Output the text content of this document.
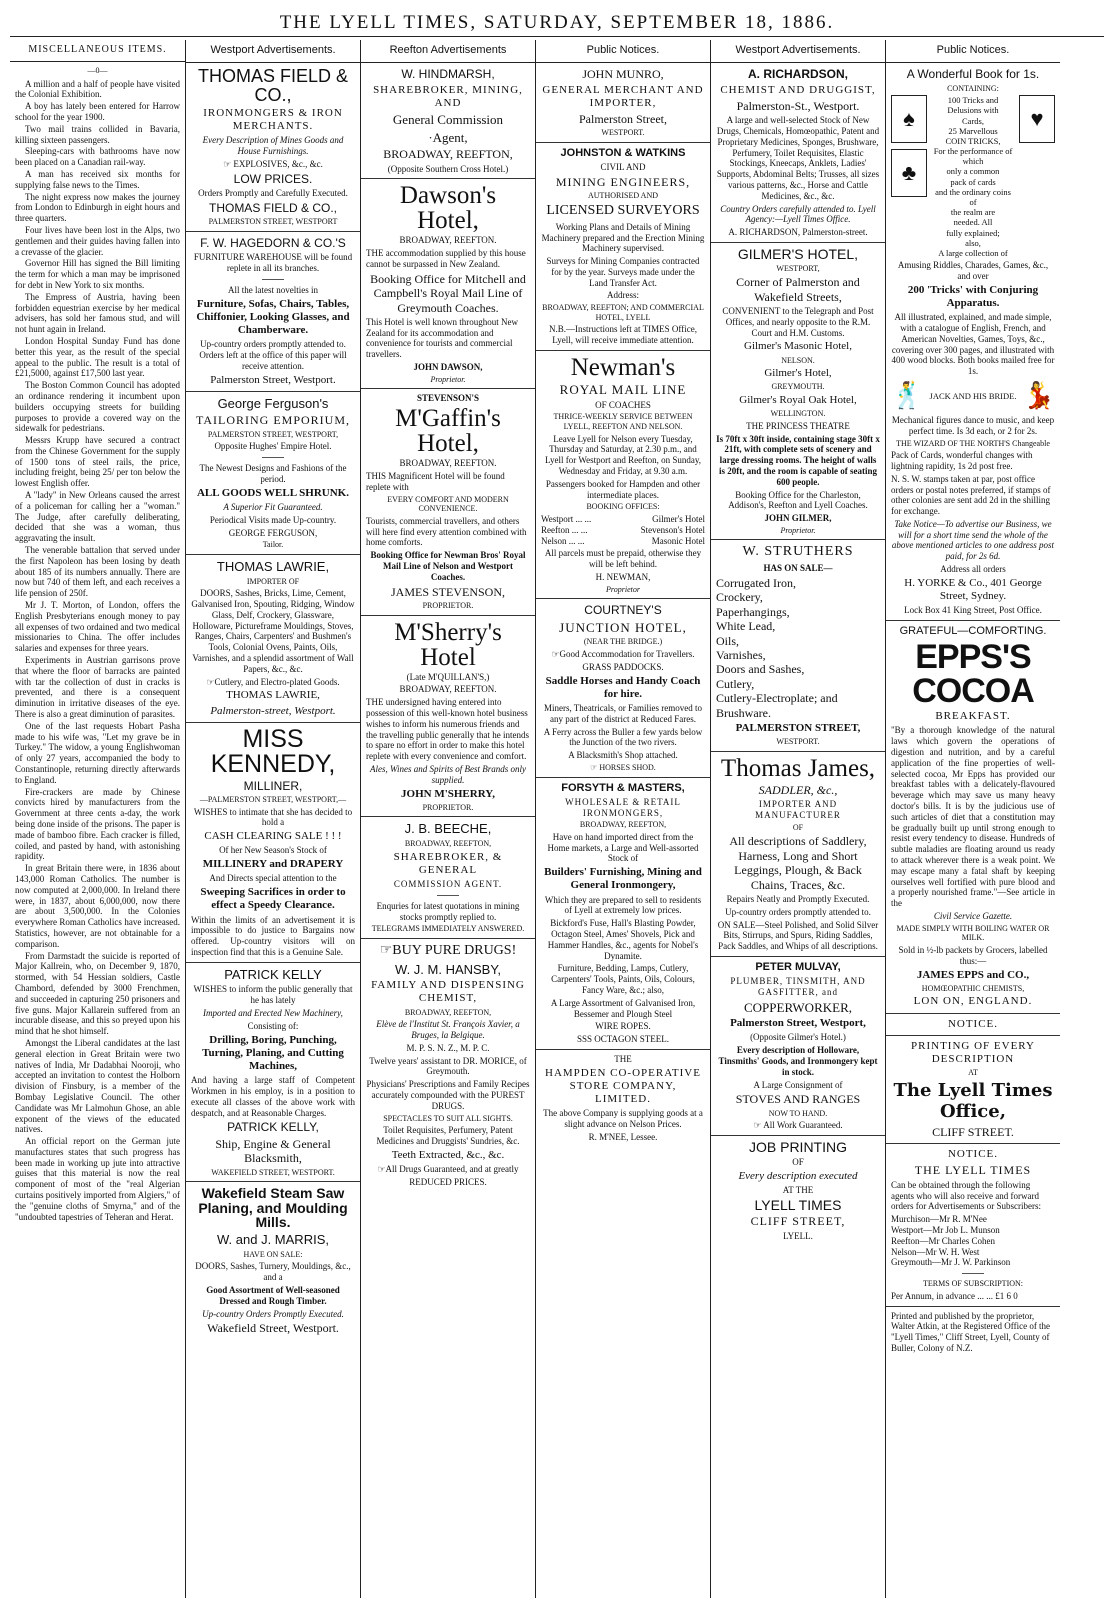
THE LYELL TIMES, SATURDAY, SEPTEMBER 18, 1886.
MISCELLANEOUS ITEMS.
—0—

A million and a half of people have visited the Colonial Exhibition.

A boy has lately been entered for Harrow school for the year 1900.

Two mail trains collided in Bavaria, killing sixteen passengers.

Sleeping-cars with bathrooms have now been placed on a Canadian rail-way.

A man has received six months for supplying false news to the Times.

The night express now makes the journey from London to Edinburgh in eight hours and three quarters.

Four lives have been lost in the Alps, two gentlemen and their guides having fallen into a crevasse of the glacier.

Governor Hill has signed the Bill limiting the term for which a man may be imprisoned for debt in New York to six months.

The Empress of Austria, having been forbidden equestrian exercise by her medical advisers, has sold her famous stud, and will not hunt again in Ireland.

London Hospital Sunday Fund has done better this year, as the result of the special appeal to the public. The result is a total of £21,5000, against £17,500 last year.

The Boston Common Council has adopted an ordinance rendering it incumbent upon builders occupying streets for building purposes to provide a covered way on the sidewalk for pedestrians.

Messrs Krupp have secured a contract from the Chinese Government for the supply of 1500 tons of steel rails, the price, including freight, being 25/ per ton below the lowest English offer.

A "lady" in New Orleans caused the arrest of a policeman for calling her a "woman." The Judge, after carefully deliberating, decided that she was a woman, thus aggravating the insult.

The venerable battalion that served under the first Napoleon has been losing by death about 185 of its numbers annually. There are now but 740 of them left, and each receives a life pension of 250f.

Mr J. T. Morton, of London, offers the English Presbyterians enough money to pay all expenses of two ordained and two medical missionaries to China. The offer includes salaries and expenses for three years.

Experiments in Austrian garrisons prove that where the floor of barracks are painted with tar the collection of dust in cracks is prevented, and there is a consequent diminution in irritative diseases of the eye. There is also a great diminution of parasites.

One of the last requests Hobart Pasha made to his wife was, "Let my grave be in Turkey." The widow, a young Englishwoman of only 27 years, accompanied the body to Constantinople, returning directly afterwards to England.

Fire-crackers are made by Chinese convicts hired by manufacturers from the Government at three cents a-day, the work being done inside of the prisons. The paper is made of bamboo fibre. Each cracker is filled, coiled, and pasted by hand, with astonishing rapidity.

In great Britain there were, in 1836 about 143,000 Roman Catholics. The number is now computed at 2,000,000. In Ireland there were, in 1837, about 6,000,000, now there are about 3,500,000. In the Colonies everywhere Roman Catholics have increased. Statistics, however, are not obtainable for a comparison.

From Darmstadt the suicide is reported of Major Kallrein, who, on December 9, 1870, stormed, with 54 Hessian soldiers, Castle Chambord, defended by 3000 Frenchmen, and succeeded in capturing 250 prisoners and five guns. Major Kallarein suffered from an incurable disease, and this so preyed upon his mind that he shot himself.

Amongst the Liberal candidates at the last general election in Great Britain were two natives of India, Mr Dadabhai Nooroji, who accepted an invitation to contest the Holborn division of Finsbury, is a member of the Bombay Legislative Council. The other Candidate was Mr Lalmohun Ghose, an able exponent of the views of the educated natives.

An official report on the German jute manufactures states that such progress has been made in working up jute into attractive guises that this material is now the real component of most of the "real Algerian curtains positively imported from Algiers," of the "genuine cloths of Smyrna," and of the "undoubted tapestries of Teheran and Herat.

Westport Advertisements.

THOMAS FIELD & CO.,

IRONMONGERS & IRON MERCHANTS.

Every Description of Mines Goods and House Furnishings.

☞ EXPLOSIVES, &c., &c.

LOW PRICES.

Orders Promptly and Carefully Executed.

THOMAS FIELD & CO.,

PALMERSTON STREET, WESTPORT

F. W. HAGEDORN & CO.'S

FURNITURE WAREHOUSE will be found replete in all its branches.

All the latest novelties in

Furniture, Sofas, Chairs, Tables, Chiffonier, Looking Glasses, and Chamberware.

Up-country orders promptly attended to. Orders left at the office of this paper will receive attention.

Palmerston Street, Westport.

George Ferguson's

TAILORING EMPORIUM,

PALMERSTON STREET, WESTPORT,

Opposite Hughes' Empire Hotel.

The Newest Designs and Fashions of the period.

ALL GOODS WELL SHRUNK.

A Superior Fit Guaranteed.

Periodical Visits made Up-country.

GEORGE FERGUSON,

Tailor.

THOMAS LAWRIE,

IMPORTER OF

DOORS, Sashes, Bricks, Lime, Cement, Galvanised Iron, Spouting, Ridging, Window Glass, Delf, Crockery, Glassware, Holloware, Pictureframe Mouldings, Stoves, Ranges, Chairs, Carpenters' and Bushmen's Tools, Colonial Ovens, Paints, Oils, Varnishes, and a splendid assortment of Wall Papers, &c., &c.

☞Cutlery, and Electro-plated Goods.

THOMAS LAWRIE,

Palmerston-street, Westport.

MISS KENNEDY,

MILLINER,

—PALMERSTON STREET, WESTPORT,—

WISHES to intimate that she has decided to hold a

CASH CLEARING SALE ! ! !

Of her New Season's Stock of

MILLINERY and DRAPERY

And Directs special attention to the

Sweeping Sacrifices in order to effect a Speedy Clearance.

Within the limits of an advertisement it is impossible to do justice to Bargains now offered. Up-country visitors will on inspection find that this is a Genuine Sale.

PATRICK KELLY

WISHES to inform the public generally that he has lately

Imported and Erected New Machinery,

Consisting of:

Drilling, Boring, Punching, Turning, Planing, and Cutting Machines,

And having a large staff of Competent Workmen in his employ, is in a position to execute all classes of the above work with despatch, and at Reasonable Charges.

PATRICK KELLY,

Ship, Engine & General Blacksmith,

WAKEFIELD STREET, WESTPORT.

Wakefield Steam Saw Planing, and Moulding Mills.

W. and J. MARRIS,

HAVE ON SALE:

DOORS, Sashes, Turnery, Mouldings, &c., and a

Good Assortment of Well-seasoned Dressed and Rough Timber.

Up-country Orders Promptly Executed.

Wakefield Street, Westport.

Reefton Advertisements

W. HINDMARSH,

SHAREBROKER, MINING, AND

General Commission

·Agent,

BROADWAY, REEFTON,

(Opposite Southern Cross Hotel.)

Dawson's Hotel,

BROADWAY, REEFTON.

THE accommodation supplied by this house cannot be surpassed in New Zealand.

Booking Office for Mitchell and Campbell's Royal Mail Line of Greymouth Coaches.

This Hotel is well known throughout New Zealand for its accommodation and convenience for tourists and commercial travellers.

JOHN DAWSON,

Proprietor.

STEVENSON'S

M'Gaffin's Hotel,

BROADWAY, REEFTON.

THIS Magnificent Hotel will be found replete with

EVERY COMFORT AND MODERN CONVENIENCE.

Tourists, commercial travellers, and others will here find every attention combined with home comforts.

Booking Office for Newman Bros' Royal Mail Line of Nelson and Westport Coaches.

JAMES STEVENSON,

PROPRIETOR.

M'Sherry's Hotel

(Late M'QUILLAN'S,)

BROADWAY, REEFTON.

THE undersigned having entered into possession of this well-known hotel business wishes to inform his numerous friends and the travelling public generally that he intends to spare no effort in order to make this hotel replete with every convenience and comfort.

Ales, Wines and Spirits of Best Brands only supplied.

JOHN M'SHERRY,

PROPRIETOR.

J. B. BEECHE,

BROADWAY, REEFTON,

SHAREBROKER, & GENERAL

COMMISSION AGENT.

Enquries for latest quotations in mining stocks promptly replied to.

TELEGRAMS IMMEDIATELY ANSWERED.

☞BUY PURE DRUGS!

W. J. M. HANSBY,

FAMILY AND DISPENSING CHEMIST,

BROADWAY, REEFTON,

Elève de l'Institut St. François Xavier, a Bruges, la Belgique.

M. P. S. N. Z., M. P. C.

Twelve years' assistant to DR. MORICE, of Greymouth.

Physicians' Prescriptions and Family Recipes accurately compounded with the PUREST DRUGS.

SPECTACLES TO SUIT ALL SIGHTS.

Toilet Requisites, Perfumery, Patent Medicines and Druggists' Sundries, &c.

Teeth Extracted, &c., &c.

☞All Drugs Guaranteed, and at greatly

REDUCED PRICES.

Public Notices.

JOHN MUNRO,

GENERAL MERCHANT AND IMPORTER,

Palmerston Street,

WESTPORT.

JOHNSTON & WATKINS

CIVIL AND

MINING ENGINEERS,

AUTHORISED AND

LICENSED SURVEYORS

Working Plans and Details of Mining Machinery prepared and the Erection Mining Machinery supervised.

Surveys for Mining Companies contracted for by the year. Surveys made under the Land Transfer Act.

Address:

BROADWAY, REEFTON; AND COMMERCIAL HOTEL, LYELL

N.B.—Instructions left at TIMES Office, Lyell, will receive immediate attention.

Newman's

ROYAL MAIL LINE

OF COACHES

THRICE-WEEKLY SERVICE BETWEEN LYELL, REEFTON AND NELSON.

Leave Lyell for Nelson every Tuesday, Thursday and Saturday, at 2.30 p.m., and Lyell for Westport and Reefton, on Sunday, Wednesday and Friday, at 9.30 a.m.

Passengers booked for Hampden and other intermediate places.

BOOKING OFFICES:

Westport ... ...	Gilmer's Hotel
Reefton ... ...	Stevenson's Hotel
Nelson ... ...	Masonic Hotel

All parcels must be prepaid, otherwise they will be left behind.

H. NEWMAN,

Proprietor

COURTNEY'S

JUNCTION HOTEL,

(NEAR THE BRIDGE.)

☞Good Accommodation for Travellers.

GRASS PADDOCKS.

Saddle Horses and Handy Coach for hire.

Miners, Theatricals, or Families removed to any part of the district at Reduced Fares.

A Ferry across the Buller a few yards below the Junction of the two rivers.

A Blacksmith's Shop attached.

☞ HORSES SHOD.

FORSYTH & MASTERS,

WHOLESALE & RETAIL IRONMONGERS,

BROADWAY, REEFTON,

Have on hand imported direct from the Home markets, a Large and Well-assorted Stock of

Builders' Furnishing, Mining and General Ironmongery,

Which they are prepared to sell to residents of Lyell at extremely low prices.

Bickford's Fuse, Hall's Blasting Powder, Octagon Steel, Ames' Shovels, Pick and Hammer Handles, &c., agents for Nobel's Dynamite.

Furniture, Bedding, Lamps, Cutlery, Carpenters' Tools, Paints, Oils, Colours, Fancy Ware, &c.; also,

A Large Assortment of Galvanised Iron, Bessemer and Plough Steel

WIRE ROPES.

SSS OCTAGON STEEL.

THE

HAMPDEN CO-OPERATIVE STORE COMPANY, LIMITED.

The above Company is supplying goods at a slight advance on Nelson Prices.

R. M'NEE, Lessee.

Westport Advertisements.

A. RICHARDSON,

CHEMIST AND DRUGGIST,

Palmerston-St., Westport.

A large and well-selected Stock of New Drugs, Chemicals, Homœopathic, Patent and Proprietary Medicines, Sponges, Brushware, Perfumery, Toilet Requisites, Elastic Stockings, Kneecaps, Anklets, Ladies' Supports, Abdominal Belts; Trusses, all sizes various patterns, &c., Horse and Cattle Medicines, &c., &c.

Country Orders carefully attended to. Lyell Agency:—Lyell Times Office.

A. RICHARDSON, Palmerston-street.

GILMER'S HOTEL,

WESTPORT,

Corner of Palmerston and Wakefield Streets,

CONVENIENT to the Telegraph and Post Offices, and nearly opposite to the R.M. Court and H.M. Customs.

Gilmer's Masonic Hotel,

NELSON.

Gilmer's Hotel,

GREYMOUTH.

Gilmer's Royal Oak Hotel,

WELLINGTON.

THE PRINCESS THEATRE

Is 70ft x 30ft inside, containing stage 30ft x 21ft, with complete sets of scenery and large dressing rooms. The height of walls is 20ft, and the room is capable of seating 600 people.

Booking Office for the Charleston, Addison's, Reefton and Lyell Coaches.

JOHN GILMER,

Proprietor.

W. STRUTHERS

HAS ON SALE—

Corrugated Iron,
Crockery,
Paperhangings,
White Lead,
Oils,
Varnishes,
Doors and Sashes,
Cutlery,
Cutlery-Electroplate; and
Brushware.

PALMERSTON STREET,

WESTPORT.

Thomas James,

SADDLER, &c.,

IMPORTER AND MANUFACTURER

OF

All descriptions of Saddlery, Harness, Long and Short Leggings, Plough, & Back Chains, Traces, &c.

Repairs Neatly and Promptly Executed.

Up-country orders promptly attended to.

ON SALE—Steel Polished, and Solid Silver Bits, Stirrups, and Spurs, Riding Saddles, Pack Saddles, and Whips of all descriptions.

PETER MULVAY,

PLUMBER, TINSMITH, AND GASFITTER, and

COPPERWORKER,

Palmerston Street, Westport,

(Opposite Gilmer's Hotel.)

Every description of Holloware, Tinsmiths' Goods, and Ironmongery kept in stock.

A Large Consignment of

STOVES AND RANGES

NOW TO HAND.

☞ All Work Guaranteed.

JOB PRINTING

OF

Every description executed

AT THE

LYELL TIMES

CLIFF STREET,

LYELL.

Public Notices.

A Wonderful Book for 1s.

CONTAINING:

♠
♣
100 Tricks and
Delusions with
Cards,
25 Marvellous
COIN TRICKS,
For the performance of which
only a common
pack of cards
and the ordinary coins of
the realm are
needed. All
fully explained;
also,
A large collection of
♥

Amusing Riddles, Charades, Games, &c., and over

200 'Tricks' with Conjuring Apparatus.

All illustrated, explained, and made simple, with a catalogue of English, French, and American Novelties, Games, Toys, &c., covering over 300 pages, and illustrated with 400 wood blocks. Both books mailed free for 1s.

🕺 JACK AND HIS BRIDE. 💃

Mechanical figures dance to music, and keep perfect time. Is 3d each, or 2 for 2s.

THE WIZARD OF THE NORTH'S Changeable

Pack of Cards, wonderful changes with lightning rapidity, 1s 2d post free.

N. S. W. stamps taken at par, post office orders or postal notes preferred, if stamps of other colonies are sent add 2d in the shilling for exchange.

Take Notice—To advertise our Business, we will for a short time send the whole of the above mentioned articles to one address post paid, for 2s 6d.

Address all orders

H. YORKE & Co., 401 George Street, Sydney.

Lock Box 41 King Street, Post Office.

GRATEFUL—COMFORTING.

EPPS'S COCOA

BREAKFAST.

"By a thorough knowledge of the natural laws which govern the operations of digestion and nutrition, and by a careful application of the fine properties of well-selected cocoa, Mr Epps has provided our breakfast tables with a delicately-flavoured beverage which may save us many heavy doctor's bills. It is by the judicious use of such articles of diet that a constitution may be gradually built up until strong enough to resist every tendency to disease. Hundreds of subtle maladies are floating around us ready to attack wherever there is a weak point. We may escape many a fatal shaft by keeping ourselves well fortified with pure blood and a properly nourished frame."—See article in the

Civil Service Gazette.

MADE SIMPLY WITH BOILING WATER OR MILK.

Sold in ½-lb packets by Grocers, labelled thus:—

JAMES EPPS and CO.,

HOMŒOPATHIC CHEMISTS,

LON ON, ENGLAND.

NOTICE.

PRINTING OF EVERY DESCRIPTION

AT

The Lyell Times Office,

CLIFF STREET.

NOTICE.

THE LYELL TIMES

Can be obtained through the following agents who will also receive and forward orders for Advertisements or Subscribers:

Murchison—Mr R. M'Nee
Westport—Mr Job L. Munson
Reefton—Mr Charles Cohen
Nelson—Mr W. H. West
Greymouth—Mr J. W. Parkinson

TERMS OF SUBSCRIPTION:

Per Annum, in advance ... ... £1 6 0

Printed and published by the proprietor, Walter Atkin, at the Registered Office of the "Lyell Times," Cliff Street, Lyell, County of Buller, Colony of N.Z.
